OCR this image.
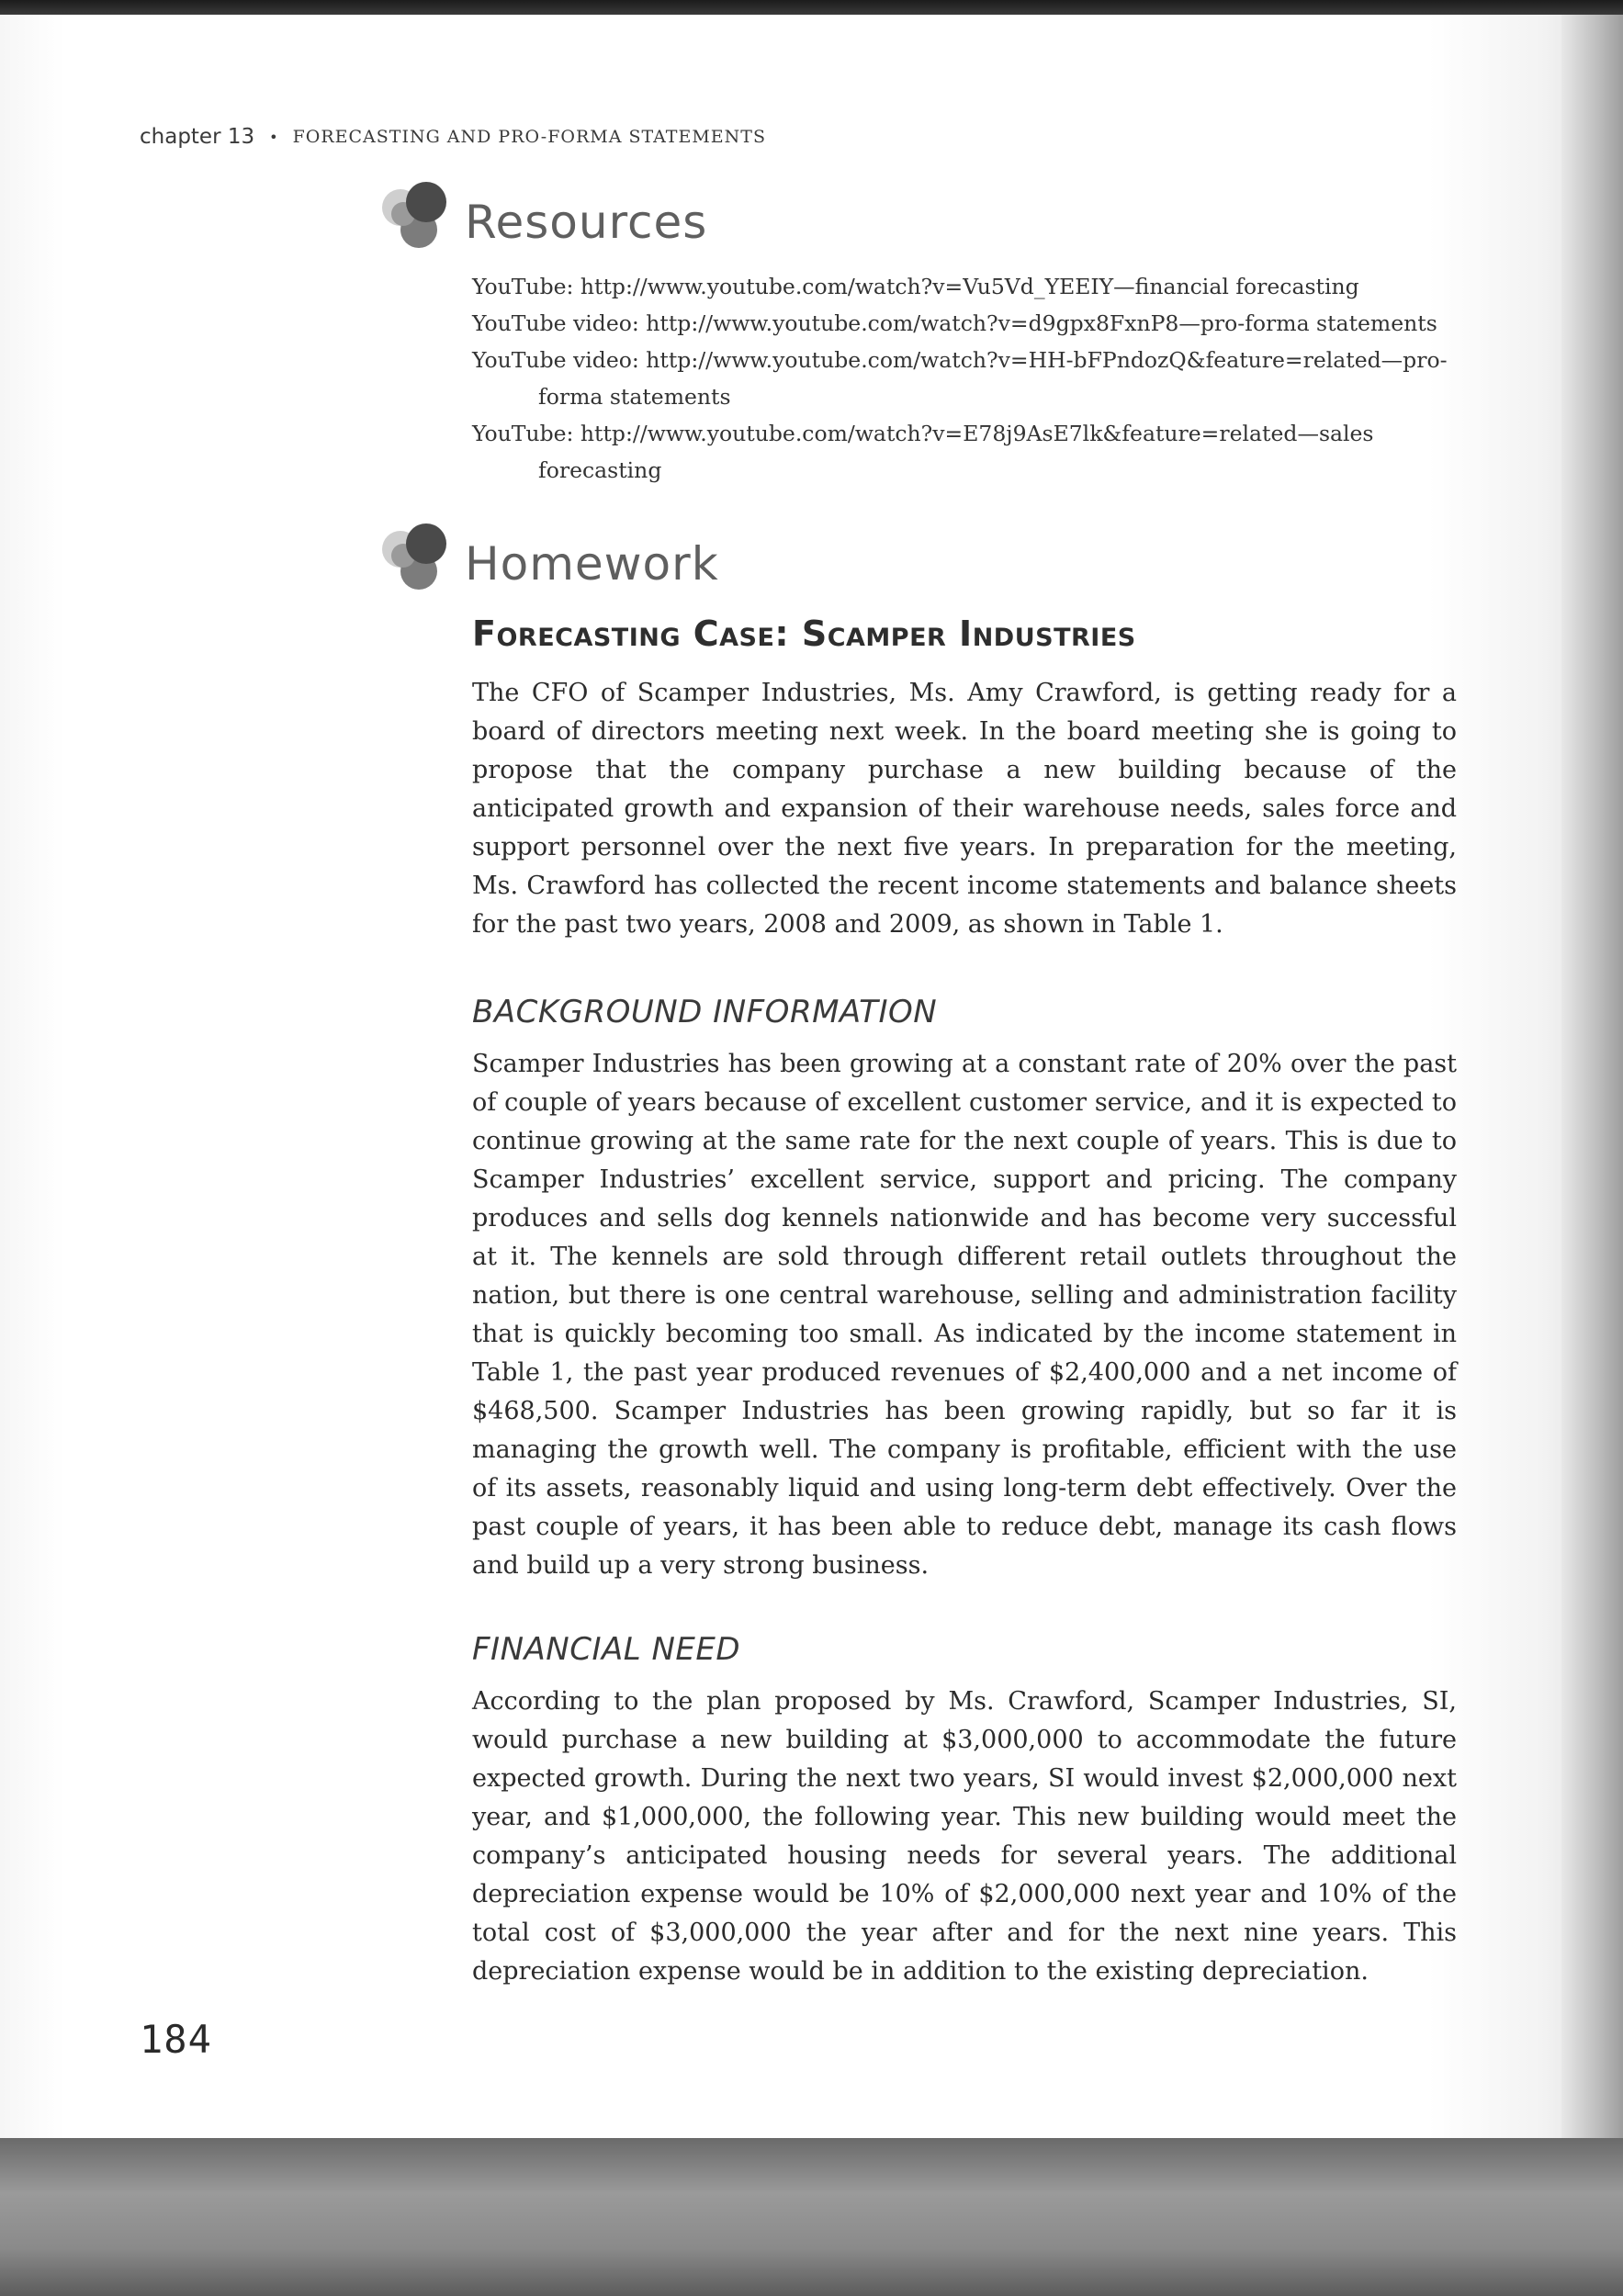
chapter 13 • FORECASTING AND PRO-FORMA STATEMENTS
Resources
YouTube: http://www.youtube.com/watch?v=Vu5Vd_YEEIY—financial forecasting
YouTube video: http://www.youtube.com/watch?v=d9gpx8FxnP8—pro-forma statements
YouTube video: http://www.youtube.com/watch?v=HH-bFPndozQ&feature=related—pro-forma statements
YouTube: http://www.youtube.com/watch?v=E78j9AsE7lk&feature=related—sales forecasting
Homework
Forecasting Case: Scamper Industries

The CFO of Scamper Industries, Ms. Amy Crawford, is getting ready for a board of directors meeting next week. In the board meeting she is going to propose that the company purchase a new building because of the anticipated growth and expansion of their warehouse needs, sales force and support personnel over the next five years. In preparation for the meeting, Ms. Crawford has collected the recent income statements and balance sheets for the past two years, 2008 and 2009, as shown in Table 1.

BACKGROUND INFORMATION

Scamper Industries has been growing at a constant rate of 20% over the past of couple of years because of excellent customer service, and it is expected to continue growing at the same rate for the next couple of years. This is due to Scamper Industries’ excellent service, support and pricing. The company produces and sells dog kennels nationwide and has become very successful at it. The kennels are sold through different retail outlets throughout the nation, but there is one central warehouse, selling and administration facility that is quickly becoming too small. As indicated by the income statement in Table 1, the past year produced revenues of $2,400,000 and a net income of $468,500. Scamper Industries has been growing rapidly, but so far it is managing the growth well. The company is profitable, efficient with the use of its assets, reasonably liquid and using long-term debt effectively. Over the past couple of years, it has been able to reduce debt, manage its cash flows and build up a very strong business.

FINANCIAL NEED

According to the plan proposed by Ms. Crawford, Scamper Industries, SI, would purchase a new building at $3,000,000 to accommodate the future expected growth. During the next two years, SI would invest $2,000,000 next year, and $1,000,000, the following year. This new building would meet the company’s anticipated housing needs for several years. The additional depreciation expense would be 10% of $2,000,000 next year and 10% of the total cost of $3,000,000 the year after and for the next nine years. This depreciation expense would be in addition to the existing depreciation.

184
